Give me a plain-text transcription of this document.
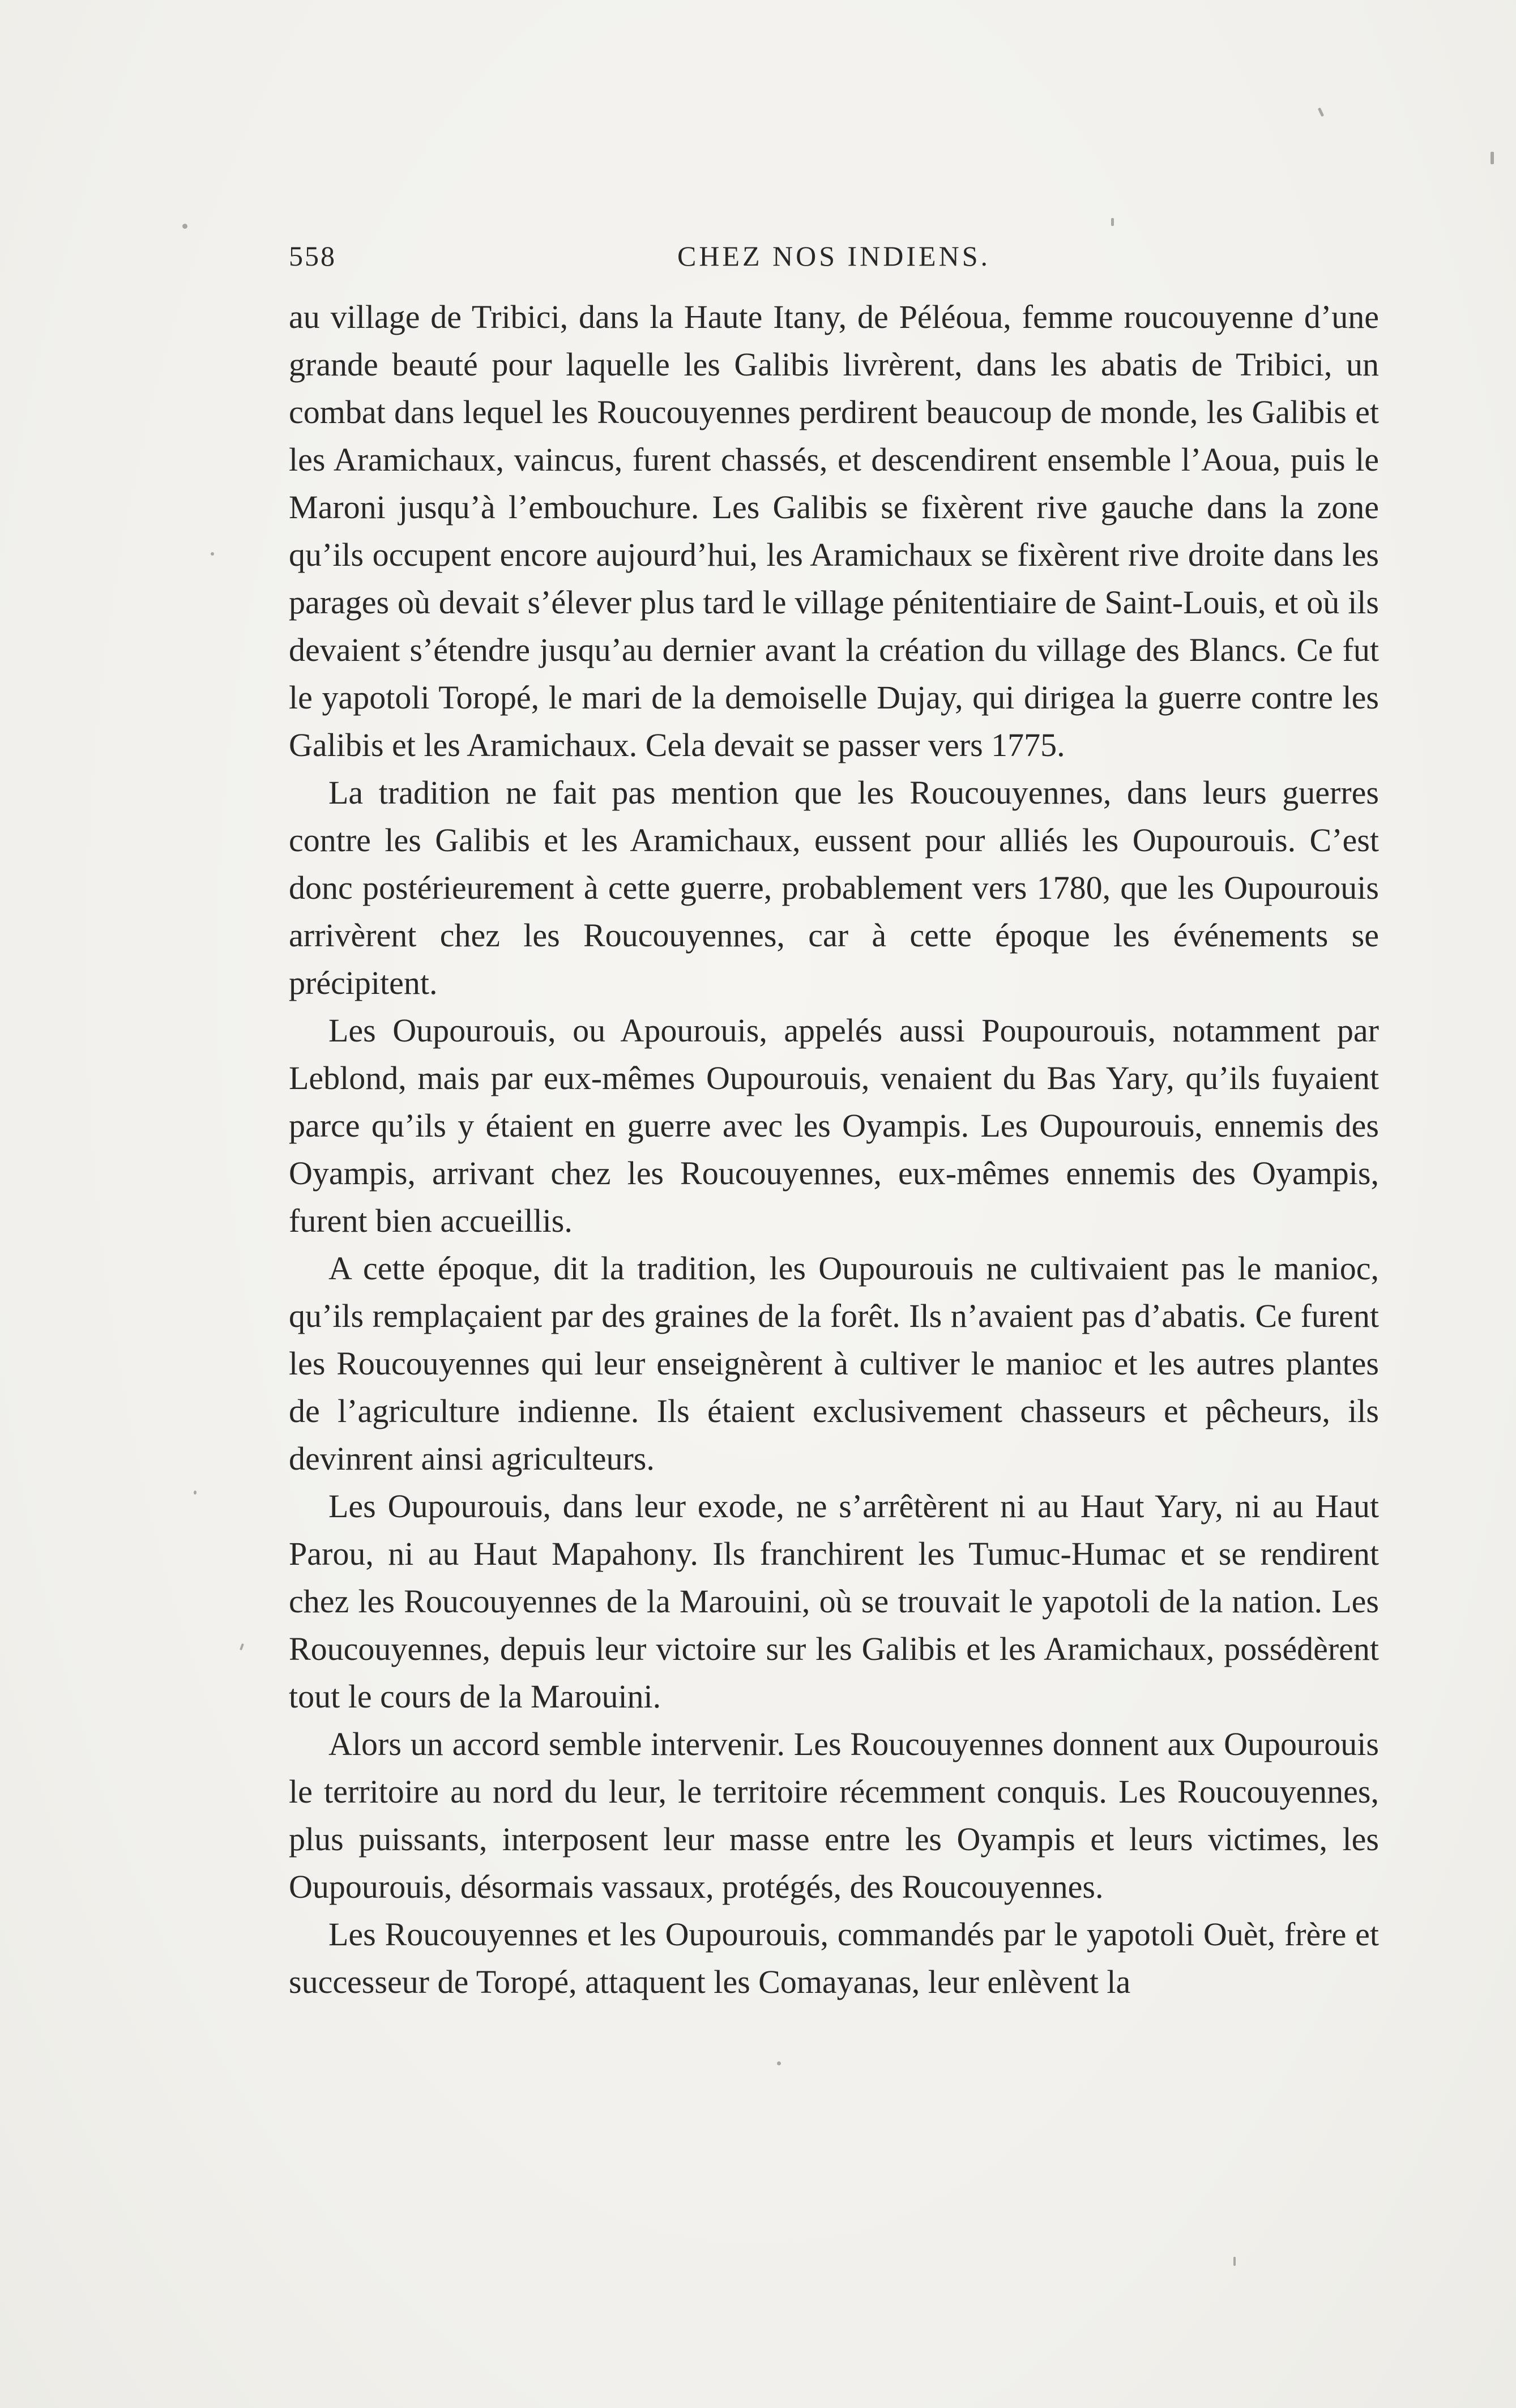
558	CHEZ NOS INDIENS.

au village de Tribici, dans la Haute Itany, de Péléoua, femme roucouyenne d’une grande beauté pour laquelle les Galibis livrèrent, dans les abatis de Tribici, un combat dans lequel les Roucouyennes perdirent beaucoup de monde, les Galibis et les Aramichaux, vaincus, furent chassés, et descendirent ensemble l’Aoua, puis le Maroni jusqu’à l’embouchure. Les Galibis se fixèrent rive gauche dans la zone qu’ils occupent encore aujourd’hui, les Aramichaux se fixèrent rive droite dans les parages où devait s’élever plus tard le village pénitentiaire de Saint-Louis, et où ils devaient s’étendre jusqu’au dernier avant la création du village des Blancs. Ce fut le yapotoli Toropé, le mari de la demoiselle Dujay, qui dirigea la guerre contre les Galibis et les Aramichaux. Cela devait se passer vers 1775.

La tradition ne fait pas mention que les Roucouyennes, dans leurs guerres contre les Galibis et les Aramichaux, eussent pour alliés les Oupourouis. C’est donc postérieurement à cette guerre, probablement vers 1780, que les Oupourouis arrivèrent chez les Roucouyennes, car à cette époque les événements se précipitent.

Les Oupourouis, ou Apourouis, appelés aussi Poupourouis, notamment par Leblond, mais par eux-mêmes Oupourouis, venaient du Bas Yary, qu’ils fuyaient parce qu’ils y étaient en guerre avec les Oyampis. Les Oupourouis, ennemis des Oyampis, arrivant chez les Roucouyennes, eux-mêmes ennemis des Oyampis, furent bien accueillis.

A cette époque, dit la tradition, les Oupourouis ne cultivaient pas le manioc, qu’ils remplaçaient par des graines de la forêt. Ils n’avaient pas d’abatis. Ce furent les Roucouyennes qui leur enseignèrent à cultiver le manioc et les autres plantes de l’agriculture indienne. Ils étaient exclusivement chasseurs et pêcheurs, ils devinrent ainsi agriculteurs.

Les Oupourouis, dans leur exode, ne s’arrêtèrent ni au Haut Yary, ni au Haut Parou, ni au Haut Mapahony. Ils franchirent les Tumuc-Humac et se rendirent chez les Roucouyennes de la Marouini, où se trouvait le yapotoli de la nation. Les Roucouyennes, depuis leur victoire sur les Galibis et les Aramichaux, possédèrent tout le cours de la Marouini.

Alors un accord semble intervenir. Les Roucouyennes donnent aux Oupourouis le territoire au nord du leur, le territoire récemment conquis. Les Roucouyennes, plus puissants, interposent leur masse entre les Oyampis et leurs victimes, les Oupourouis, désormais vassaux, protégés, des Roucouyennes.

Les Roucouyennes et les Oupourouis, commandés par le yapotoli Ouèt, frère et successeur de Toropé, attaquent les Comayanas, leur enlèvent la
